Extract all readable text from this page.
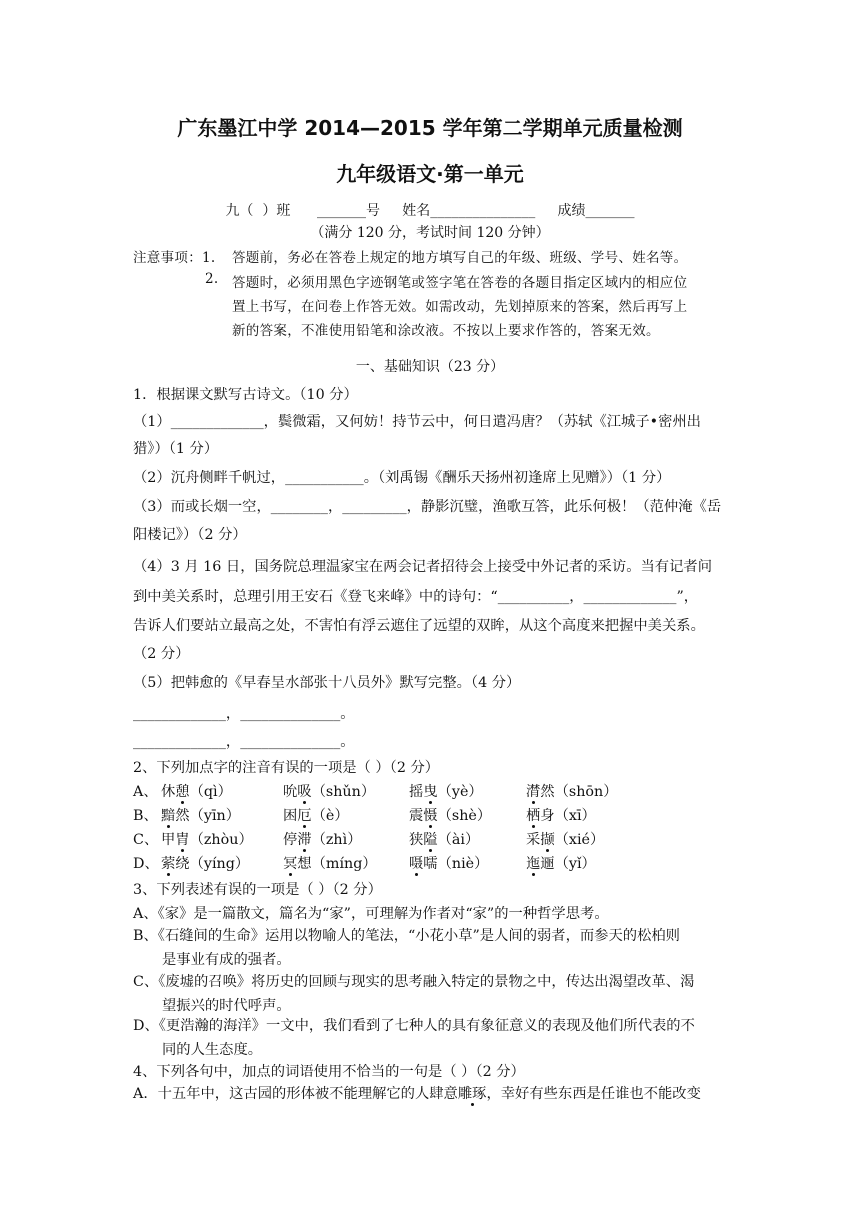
广东墨江中学 2014—2015 学年第二学期单元质量检测
九年级语文·第一单元
九（  ）班      _______号     姓名_______________     成绩_______
（满分 120 分，考试时间 120 分钟）
注意事项：1. 答题前，务必在答卷上规定的地方填写自己的年级、班级、学号、姓名等。
2. 答题时，必须用黑色字迹钢笔或签字笔在答卷的各题目指定区域内的相应位
置上书写，在问卷上作答无效。如需改动，先划掉原来的答案，然后再写上
新的答案，不准使用铅笔和涂改液。不按以上要求作答的，答案无效。
一、基础知识（23 分）
1．根据课文默写古诗文。（10 分）
（1）_____________，鬓微霜，又何妨！持节云中，何日遣冯唐？（苏轼《江城子•密州出
猎》）（1 分）
（2）沉舟侧畔千帆过，___________。（刘禹锡《酬乐天扬州初逢席上见赠》）（1 分）
（3）而或长烟一空，________，_________，静影沉璧，渔歌互答，此乐何极！（范仲淹《岳
阳楼记》）（2 分）
（4）3 月 16 日，国务院总理温家宝在两会记者招待会上接受中外记者的采访。当有记者问
到中美关系时，总理引用王安石《登飞来峰》中的诗句：“__________，_____________”，
告诉人们要站立最高之处，不害怕有浮云遮住了远望的双眸，从这个高度来把握中美关系。
（2 分）
（5）把韩愈的《早春呈水部张十八员外》默写完整。（4 分）
_____________，______________。
_____________，______________。
2、下列加点字的注音有误的一项是（ ）（2 分）
A、 休憩（qì）	吮吸（shǔn） 摇曳（yè）	潸然（shōn）
B、 黯然（yīn）	困厄（è）	震慑（shè） 栖身（xī）
C、 甲胄（zhòu） 停滞（zhì）	狭隘（ài）	采撷（xié）
D、 萦绕（yíng） 冥想（míng） 嗫嚅（niè）	迤逦（yǐ）
3、下列表述有误的一项是（ ）（2 分）
A、《家》是一篇散文，篇名为“家”，可理解为作者对“家”的一种哲学思考。
B、《石缝间的生命》运用以物喻人的笔法，“小花小草”是人间的弱者，而参天的松柏则
是事业有成的强者。
C、《废墟的召唤》将历史的回顾与现实的思考融入特定的景物之中，传达出渴望改革、渴
望振兴的时代呼声。
D、《更浩瀚的海洋》一文中，我们看到了七种人的具有象征意义的表现及他们所代表的不
同的人生态度。
4、下列各句中，加点的词语使用不恰当的一句是（ ）（2 分）
A．十五年中，这古园的形体被不能理解它的人肆意雕琢，幸好有些东西是任谁也不能改变
